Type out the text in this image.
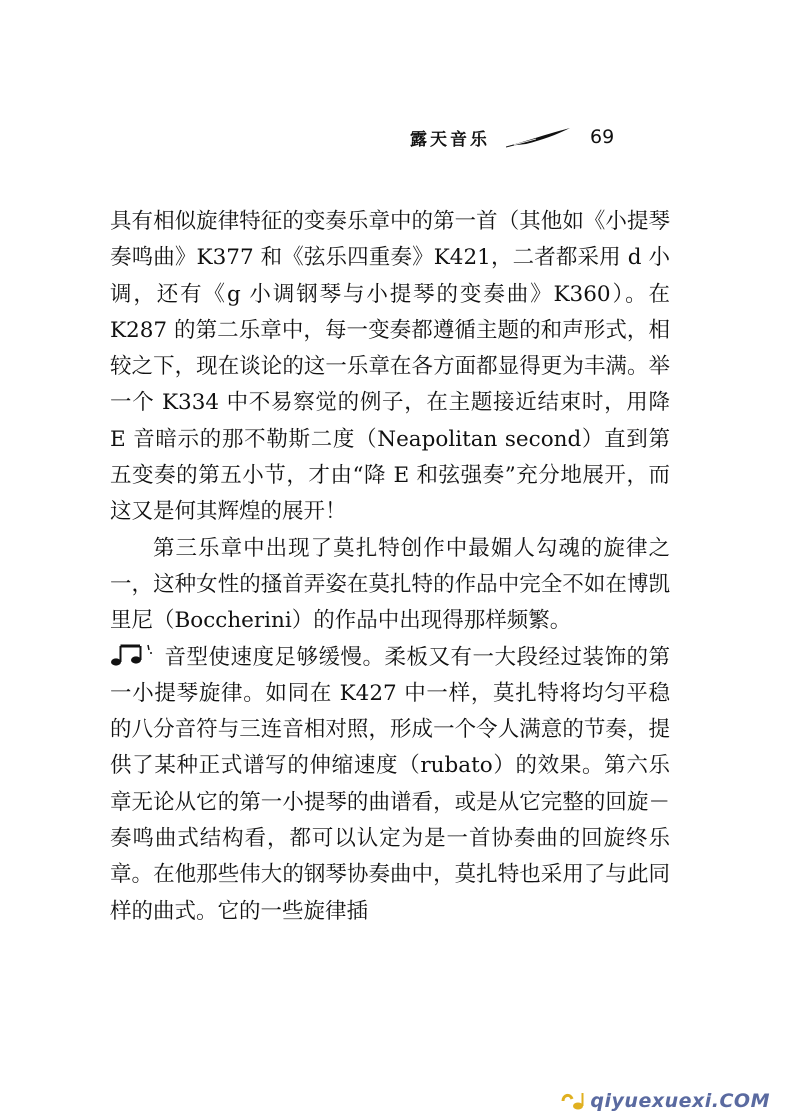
露天音乐	69

具有相似旋律特征的变奏乐章中的第一首（其他如《小提琴奏鸣曲》K377 和《弦乐四重奏》K421，二者都采用 d 小调，还有《g 小调钢琴与小提琴的变奏曲》K360）。在 K287 的第二乐章中，每一变奏都遵循主题的和声形式，相较之下，现在谈论的这一乐章在各方面都显得更为丰满。举一个 K334 中不易察觉的例子，在主题接近结束时，用降 E 音暗示的那不勒斯二度（Neapolitan second）直到第五变奏的第五小节，才由“降 E 和弦强奏”充分地展开，而这又是何其辉煌的展开！

第三乐章中出现了莫扎特创作中最媚人勾魂的旋律之一，这种女性的搔首弄姿在莫扎特的作品中完全不如在博凯里尼（Boccherini）的作品中出现得那样频繁。

音型使速度足够缓慢。柔板又有一大段经过装饰的第一小提琴旋律。如同在 K427 中一样，莫扎特将均匀平稳的八分音符与三连音相对照，形成一个令人满意的节奏，提供了某种正式谱写的伸缩速度（rubato）的效果。第六乐章无论从它的第一小提琴的曲谱看，或是从它完整的回旋－奏鸣曲式结构看，都可以认定为是一首协奏曲的回旋终乐章。在他那些伟大的钢琴协奏曲中，莫扎特也采用了与此同样的曲式。它的一些旋律插

qiyuexuexi.COM
